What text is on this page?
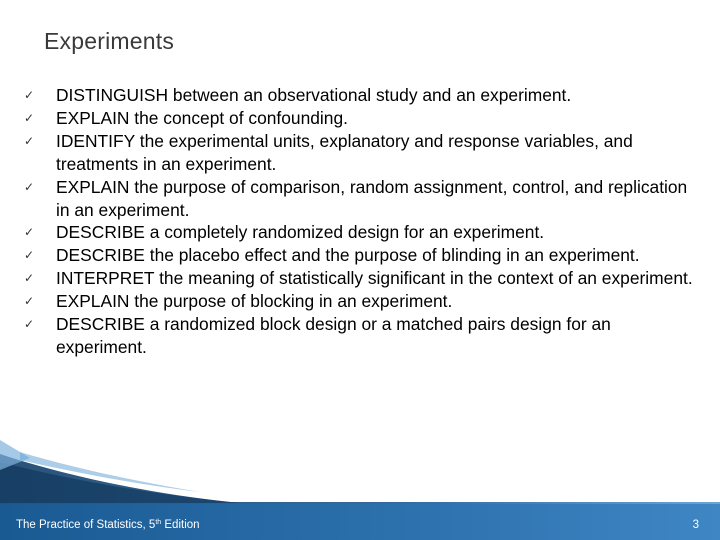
Experiments
✓ DISTINGUISH between an observational study and an experiment.
✓ EXPLAIN the concept of confounding.
✓ IDENTIFY the experimental units, explanatory and response variables, and treatments in an experiment.
✓ EXPLAIN the purpose of comparison, random assignment, control, and replication in an experiment.
✓ DESCRIBE a completely randomized design for an experiment.
✓ DESCRIBE the placebo effect and the purpose of blinding in an experiment.
✓ INTERPRET the meaning of statistically significant in the context of an experiment.
✓ EXPLAIN the purpose of blocking in an experiment.
✓ DESCRIBE a randomized block design or a matched pairs design for an experiment.
The Practice of Statistics, 5th Edition	3
